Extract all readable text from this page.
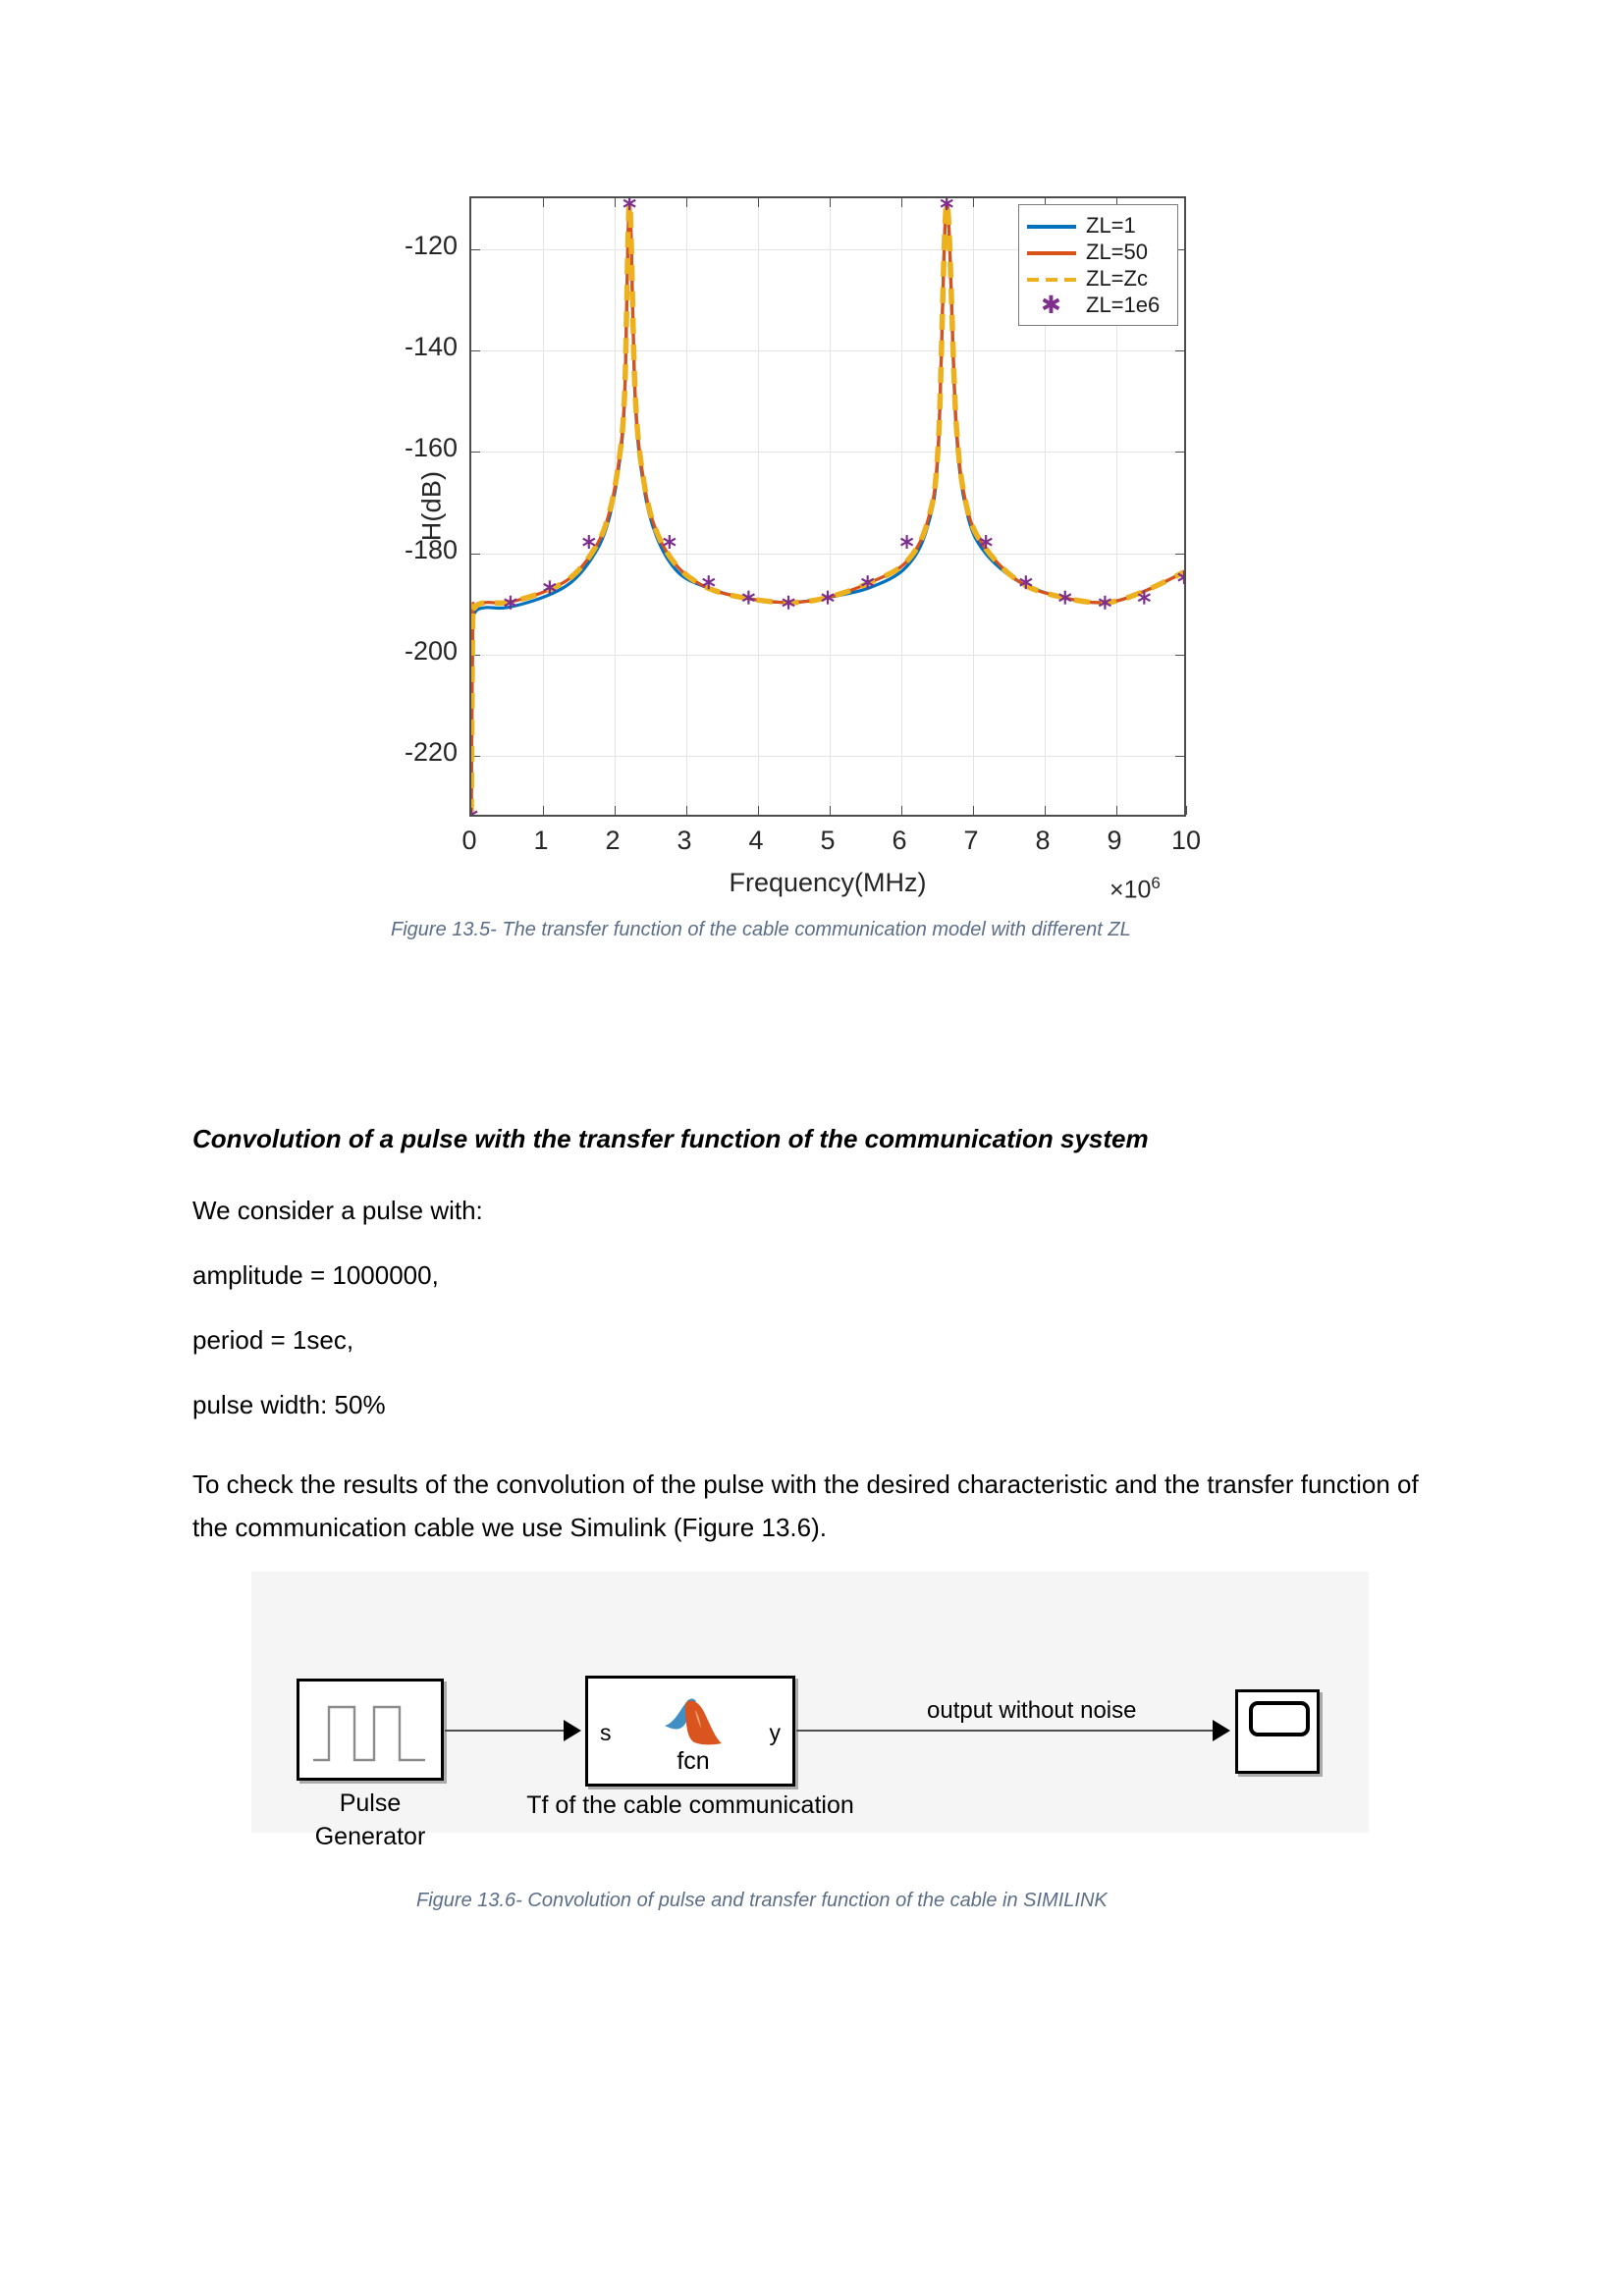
H(dB)
ZL=1
ZL=50
ZL=Zc
✱ ZL=1e6
-120
-140
-160
-180
-200
-220
0	1	2	3	4	5	6	7	8	9	10
Frequency(MHz)	$\times 10^6$
Figure 13.5- The transfer function of the cable communication model with different ZL
Convolution of a pulse with the transfer function of the communication system
We consider a pulse with:
amplitude = 1000000,
period = 1sec,
pulse width: 50%
To check the results of the convolution of the pulse with the desired characteristic and the transfer function of the communication cable we use Simulink (Figure 13.6).
Pulse
Generator
s	y
fcn
Tf of the cable communication
output without noise
Figure 13.6- Convolution of pulse and transfer function of the cable in SIMILINK
